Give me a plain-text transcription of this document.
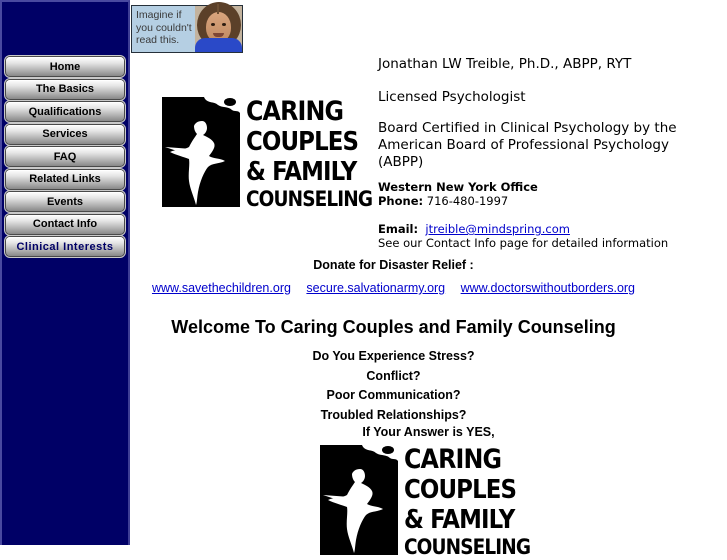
Home
The Basics
Qualifications
Services
FAQ
Related Links
Events
Contact Info
Clinical Interests
Imagine if you couldn't read this.
CARING
COUPLES
& FAMILY
COUNSELING
Jonathan LW Treible, Ph.D., ABPP, RYT
Licensed Psychologist
Board Certified in Clinical Psychology by the American Board of Professional Psychology (ABPP)
Western New York Office
Phone: 716-480-1997
Email: jtreible@mindspring.com
See our Contact Info page for detailed information
Donate for Disaster Relief :
www.savethechildren.org secure.salvationarmy.org www.doctorswithoutborders.org
Welcome To Caring Couples and Family Counseling
Do You Experience Stress?
Conflict?
Poor Communication?
Troubled Relationships?
If Your Answer is YES,
CARING
COUPLES
& FAMILY
COUNSELING
